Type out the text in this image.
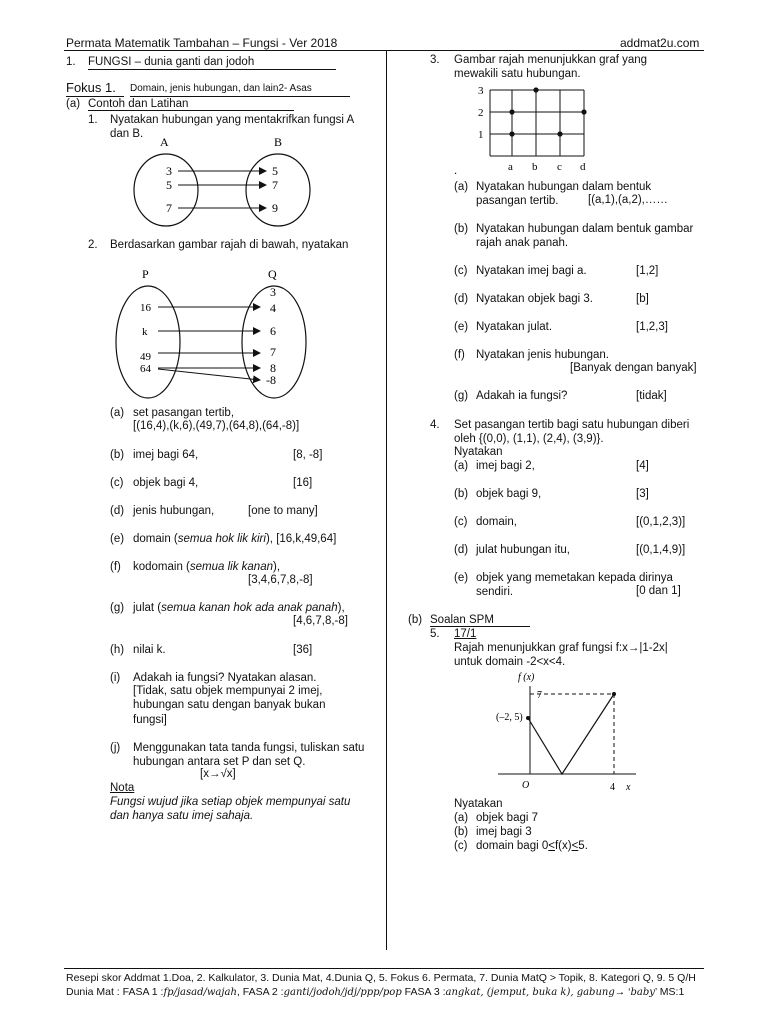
Permata Matematik Tambahan – Fungsi - Ver 2018	addmat2u.com
1. FUNGSI – dunia ganti dan jodoh
Fokus 1. Domain, jenis hubungan, dan lain2- Asas
(a) Contoh dan Latihan
1. Nyatakan hubungan yang mentakrifkan fungsi A dan B.
A	B
3
5
7
5
7
9
2. Berdasarkan gambar rajah di bawah, nyatakan
P	Q
16
k
49
64
3
4
6
7
8
-8
(a) set pasangan tertib,
[(16,4),(k,6),(49,7),(64,8),(64,-8)]
(b) imej bagi 64,	[8, -8]
(c) objek bagi 4,	[16]
(d) jenis hubungan,	[one to many]
(e) domain (semua hok lik kiri), [16,k,49,64]
(f) kodomain (semua lik kanan),
[3,4,6,7,8,-8]
(g) julat (semua kanan hok ada anak panah),
[4,6,7,8,-8]
(h) nilai k.	[36]
(i) Adakah ia fungsi? Nyatakan alasan.
[Tidak, satu objek mempunyai 2 imej, hubungan satu dengan banyak bukan fungsi]
(j) Menggunakan tata tanda fungsi, tuliskan satu hubungan antara set P dan set Q.
[x→√x]
Nota
Fungsi wujud jika setiap objek mempunyai satu dan hanya satu imej sahaja.
3. Gambar rajah menunjukkan graf yang mewakili satu hubungan.
3
2
1
a b c d
.
(a) Nyatakan hubungan dalam bentuk pasangan tertib.	[(a,1),(a,2),……
(b) Nyatakan hubungan dalam bentuk gambar rajah anak panah.
(c) Nyatakan imej bagi a.	[1,2]
(d) Nyatakan objek bagi 3.	[b]
(e) Nyatakan julat.	[1,2,3]
(f) Nyatakan jenis hubungan.
[Banyak dengan banyak]
(g) Adakah ia fungsi?	[tidak]
4. Set pasangan tertib bagi satu hubungan diberi oleh {(0,0), (1,1), (2,4), (3,9)}.
Nyatakan
(a) imej bagi 2,	[4]
(b) objek bagi 9,	[3]
(c) domain,	[(0,1,2,3)]
(d) julat hubungan itu,	[(0,1,4,9)]
(e) objek yang memetakan kepada dirinya sendiri.	[0 dan 1]
(b) Soalan SPM
5. 17/1
Rajah menunjukkan graf fungsi f:x→|1-2x|
untuk domain -2<x<4.
f (x)
x
O
7
4
(–2, 5)
Nyatakan
(a) objek bagi 7
(b) imej bagi 3
(c) domain bagi 0<f(x)<5.
Resepi skor Addmat 1.Doa, 2. Kalkulator, 3. Dunia Mat, 4.Dunia Q, 5. Fokus 6. Permata, 7. Dunia MatQ > Topik, 8. Kategori Q, 9. 5 Q/H
Dunia Mat : FASA 1 :fp/jasad/wajah, FASA 2 :ganti/jodoh/jdj/ppp/pop FASA 3 :angkat, (jemput, buka k), gabung→ ‘baby’ MS:1
